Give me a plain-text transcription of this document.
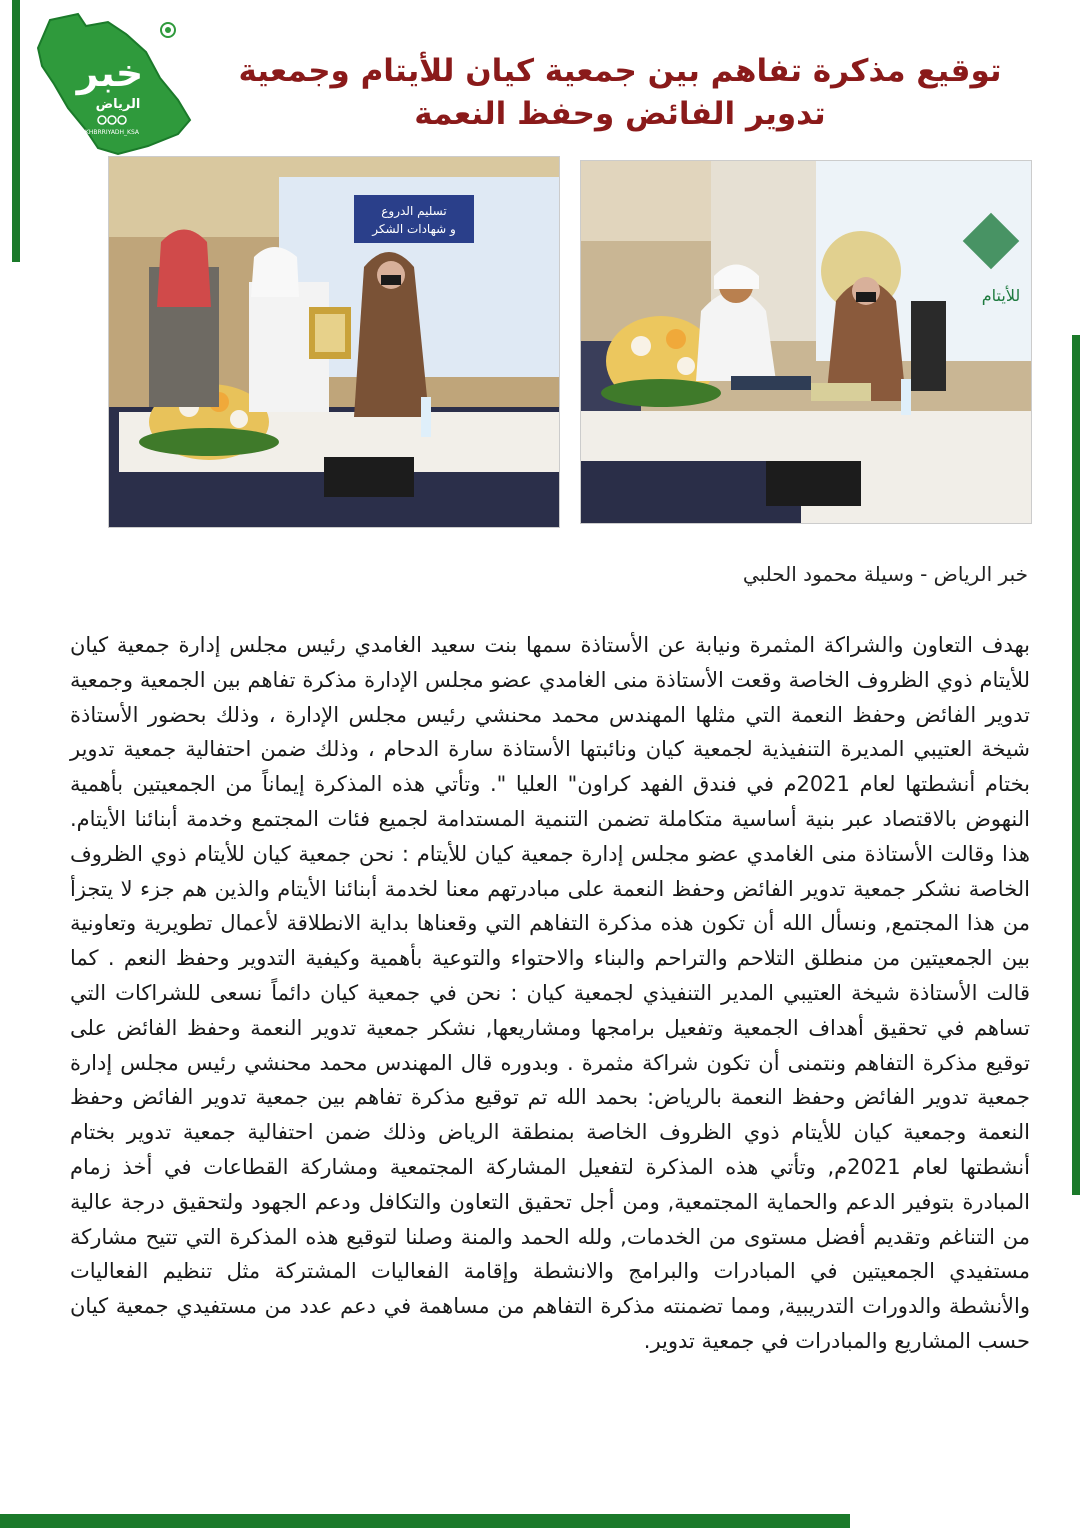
خبر
الرياض
KHBRRIYADH_KSA
توقيع مذكرة تفاهم بين جمعية كيان للأيتام وجمعية تدوير الفائض وحفظ النعمة
تسليم الدروع
و شهادات الشكر
للأيتام
خبر الرياض - وسيلة محمود الحلبي
بهدف التعاون والشراكة المثمرة ونيابة عن الأستاذة سمها بنت سعيد الغامدي رئيس مجلس إدارة جمعية كيان للأيتام ذوي الظروف الخاصة وقعت الأستاذة منى الغامدي عضو مجلس الإدارة مذكرة تفاهم بين الجمعية وجمعية تدوير الفائض وحفظ النعمة التي مثلها المهندس محمد محنشي رئيس مجلس الإدارة ، وذلك بحضور الأستاذة شيخة العتيبي المديرة التنفيذية لجمعية كيان ونائبتها الأستاذة سارة الدحام ، وذلك ضمن احتفالية جمعية تدوير بختام أنشطتها لعام 2021م في فندق الفهد كراون" العليا ". وتأتي هذه المذكرة إيماناً من الجمعيتين بأهمية النهوض بالاقتصاد عبر بنية أساسية متكاملة تضمن التنمية المستدامة لجميع فئات المجتمع وخدمة أبنائنا الأيتام. هذا وقالت الأستاذة منى الغامدي عضو مجلس إدارة جمعية كيان للأيتام : نحن جمعية كيان للأيتام ذوي الظروف الخاصة نشكر جمعية تدوير الفائض وحفظ النعمة على مبادرتهم معنا لخدمة أبنائنا الأيتام والذين هم جزء لا يتجزأ من هذا المجتمع, ونسأل الله أن تكون هذه مذكرة التفاهم التي وقعناها بداية الانطلاقة لأعمال تطويرية وتعاونية بين الجمعيتين من منطلق التلاحم والتراحم والبناء والاحتواء والتوعية بأهمية وكيفية التدوير وحفظ النعم . كما قالت الأستاذة شيخة العتيبي المدير التنفيذي لجمعية كيان : نحن في جمعية كيان دائماً نسعى للشراكات التي تساهم في تحقيق أهداف الجمعية وتفعيل برامجها ومشاريعها, نشكر جمعية تدوير النعمة وحفظ الفائض على توقيع مذكرة التفاهم ونتمنى أن تكون شراكة مثمرة . وبدوره قال المهندس محمد محنشي رئيس مجلس إدارة جمعية تدوير الفائض وحفظ النعمة بالرياض: بحمد الله تم توقيع مذكرة تفاهم بين جمعية تدوير الفائض وحفظ النعمة وجمعية كيان للأيتام ذوي الظروف الخاصة بمنطقة الرياض وذلك ضمن احتفالية جمعية تدوير بختام أنشطتها لعام 2021م, وتأتي هذه المذكرة لتفعيل المشاركة المجتمعية ومشاركة القطاعات في أخذ زمام المبادرة بتوفير الدعم والحماية المجتمعية, ومن أجل تحقيق التعاون والتكافل ودعم الجهود ولتحقيق درجة عالية من التناغم وتقديم أفضل مستوى من الخدمات, ولله الحمد والمنة وصلنا لتوقيع هذه المذكرة التي تتيح مشاركة مستفيدي الجمعيتين في المبادرات والبرامج والانشطة وإقامة الفعاليات المشتركة مثل تنظيم الفعاليات والأنشطة والدورات التدريبية, ومما تضمنته مذكرة التفاهم من مساهمة في دعم عدد من مستفيدي جمعية كيان حسب المشاريع والمبادرات في جمعية تدوير.
